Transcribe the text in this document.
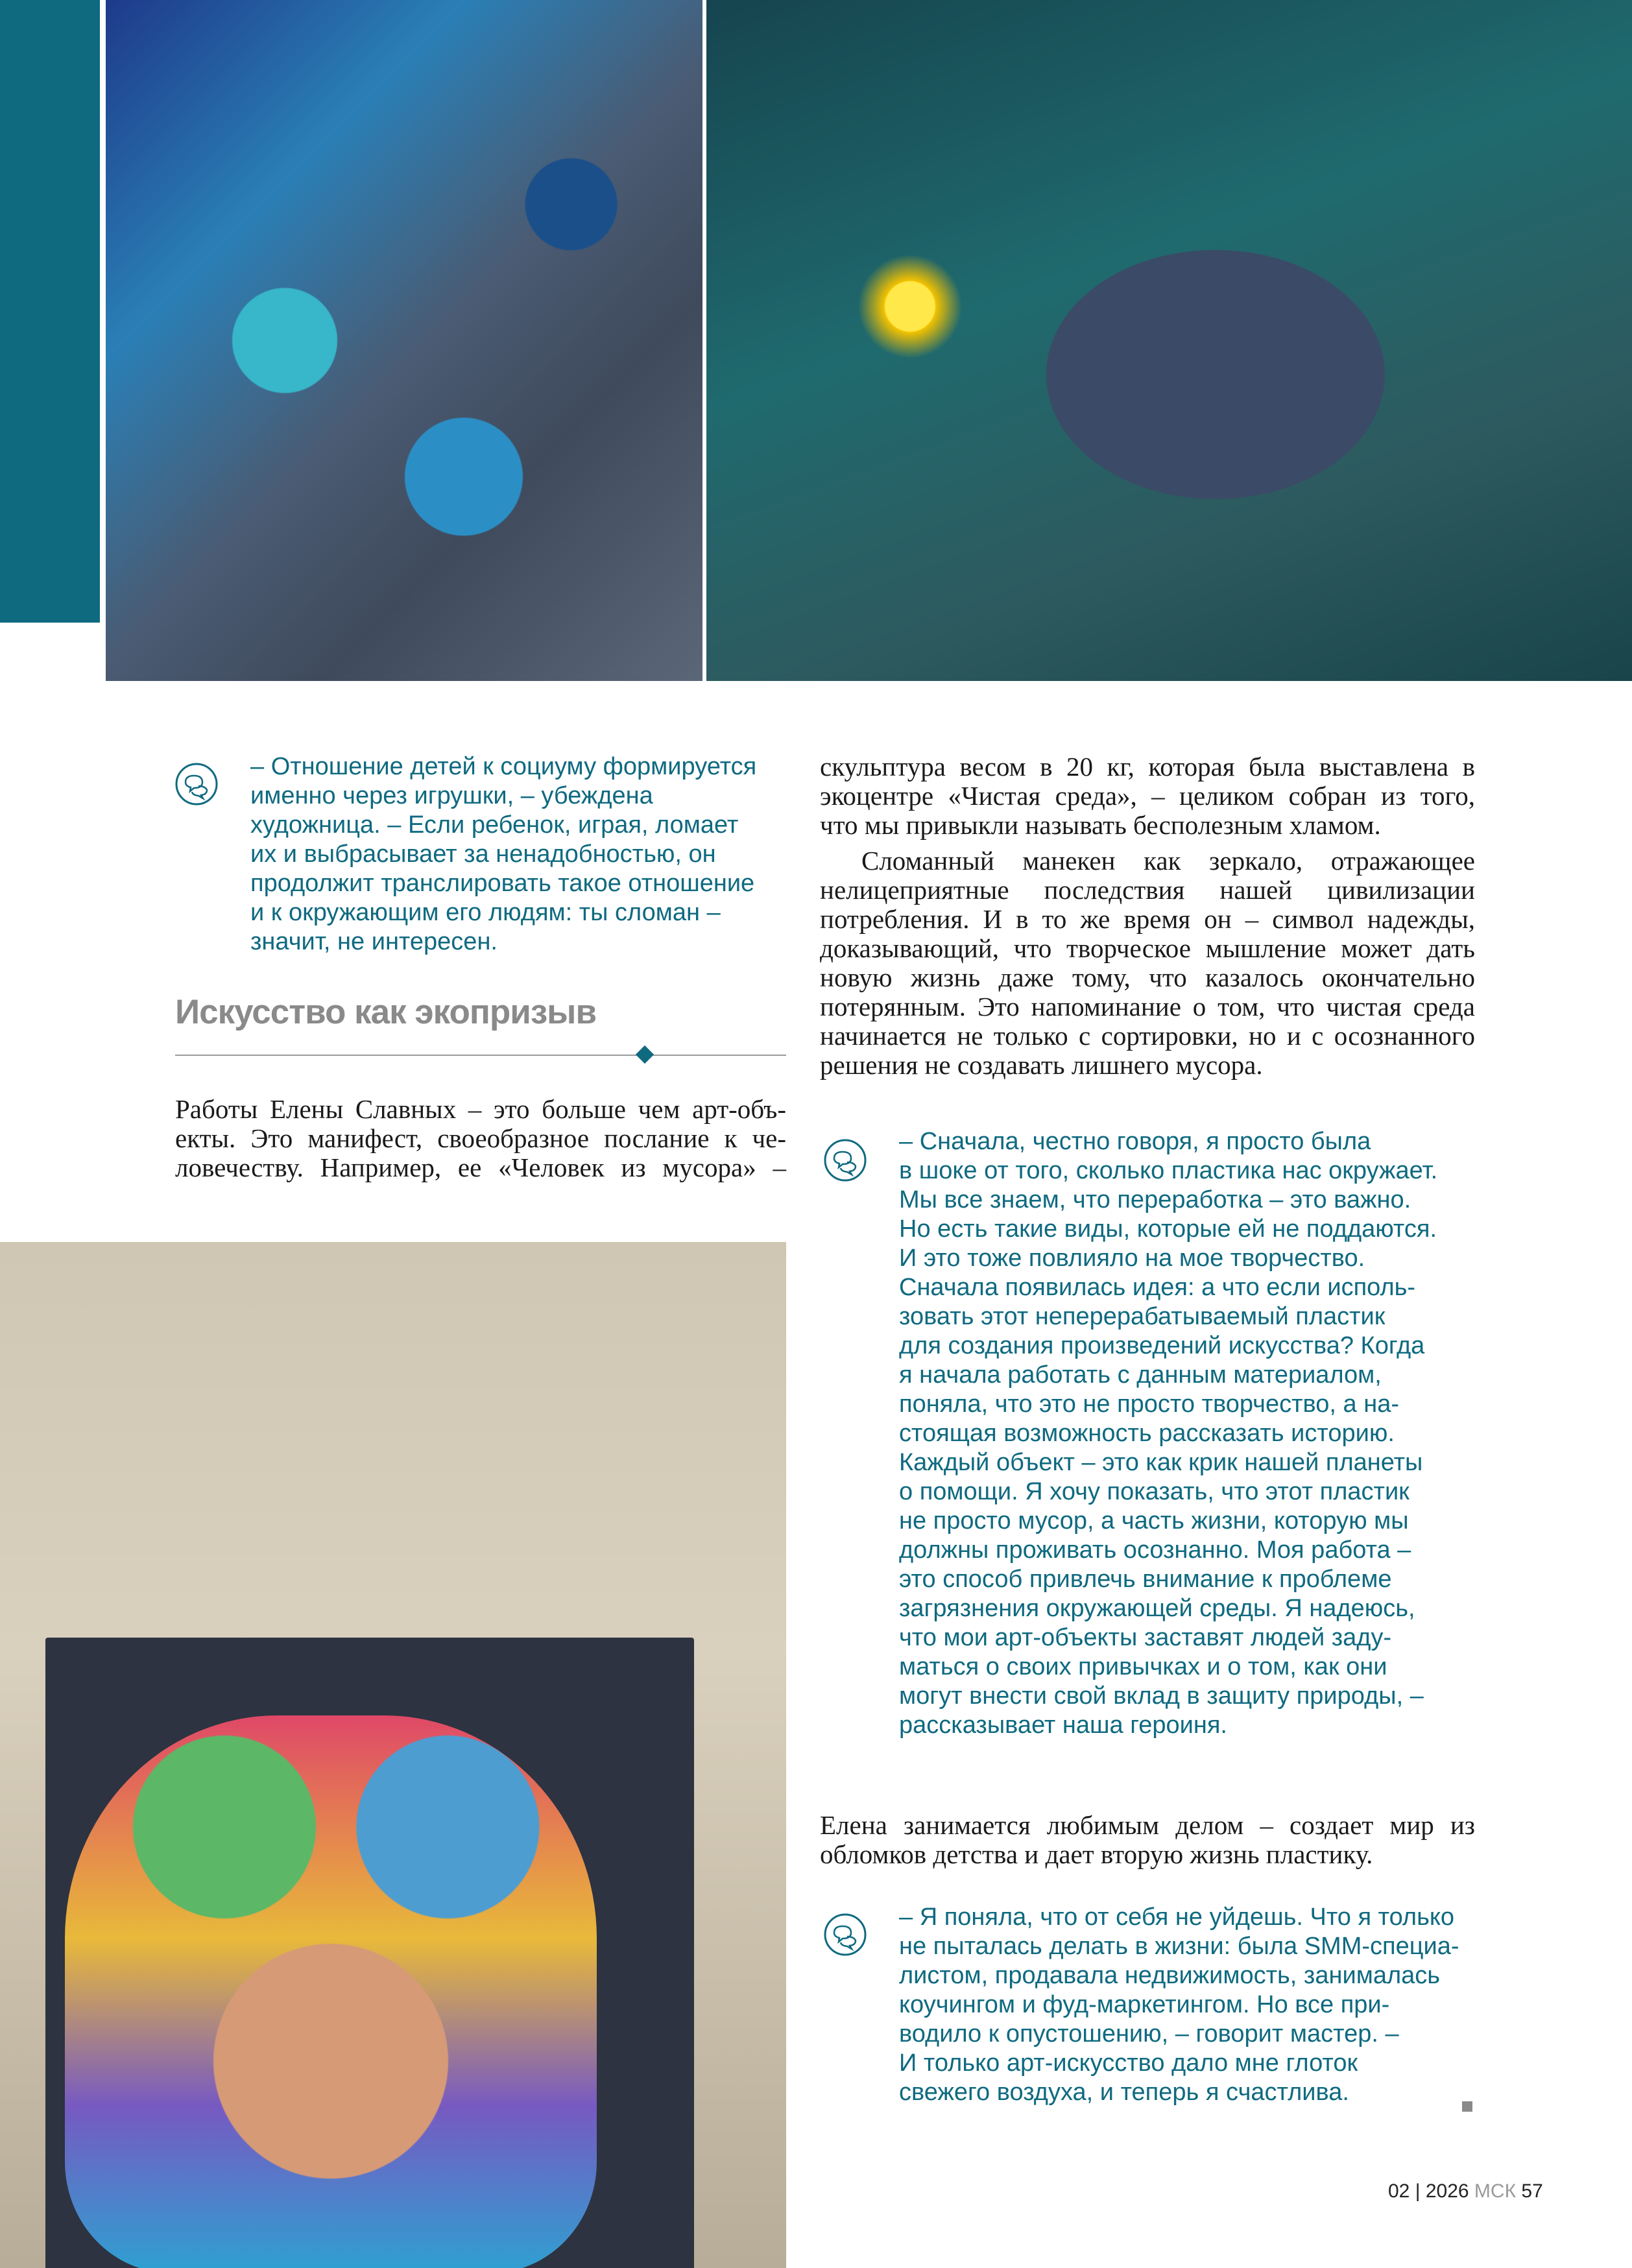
– Отношение детей к социуму формируется
именно через игрушки, – убеждена
художница. – Если ребенок, играя, ломает
их и выбрасывает за ненадобностью, он
продолжит транслировать такое отношение
и к окружающим его людям: ты сломан –
значит, не интересен.
Искусство как экопризыв
Работы Елены Славных – это больше чем арт-объ-
екты. Это манифест, своеобразное послание к че-
ловечеству. Например, ее «Человек из мусора» –
скульптура весом в 20 кг, которая была выставлена в
экоцентре «Чистая среда», – целиком собран из того,
что мы привыкли называть бесполезным хламом.
Сломанный манекен как зеркало, отражающее
нелицеприятные последствия нашей цивилизации
потребления. И в то же время он – символ надежды,
доказывающий, что творческое мышление может дать
новую жизнь даже тому, что казалось окончательно
потерянным. Это напоминание о том, что чистая среда
начинается не только с сортировки, но и с осознанного
решения не создавать лишнего мусора.
– Сначала, честно говоря, я просто была
в шоке от того, сколько пластика нас окружает.
Мы все знаем, что переработка – это важно.
Но есть такие виды, которые ей не поддаются.
И это тоже повлияло на мое творчество.
Сначала появилась идея: а что если исполь-
зовать этот неперерабатываемый пластик
для создания произведений искусства? Когда
я начала работать с данным материалом,
поняла, что это не просто творчество, а на-
стоящая возможность рассказать историю.
Каждый объект – это как крик нашей планеты
о помощи. Я хочу показать, что этот пластик
не просто мусор, а часть жизни, которую мы
должны проживать осознанно. Моя работа –
это способ привлечь внимание к проблеме
загрязнения окружающей среды. Я надеюсь,
что мои арт-объекты заставят людей заду-
маться о своих привычках и о том, как они
могут внести свой вклад в защиту природы, –
рассказывает наша героиня.
Елена занимается любимым делом – создает мир из
обломков детства и дает вторую жизнь пластику.
– Я поняла, что от себя не уйдешь. Что я только
не пыталась делать в жизни: была SMM-специа-
листом, продавала недвижимость, занималась
коучингом и фуд-маркетингом. Но все при-
водило к опустошению, – говорит мастер. –
И только арт-искусство дало мне глоток
свежего воздуха, и теперь я счастлива.
02 | 2026 МСК 57
